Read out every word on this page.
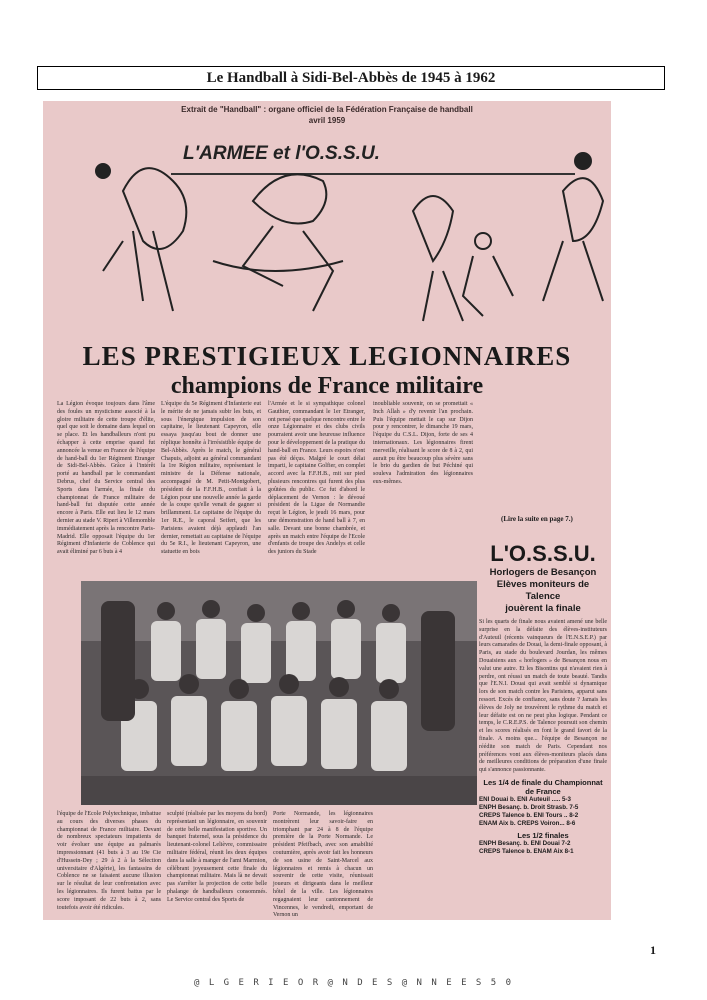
Le Handball à Sidi-Bel-Abbès de 1945 à 1962
Extrait de "Handball" : organe officiel de la Fédération Française de handball
avril 1959
L'ARMEE et l'O.S.S.U.
LES PRESTIGIEUX LEGIONNAIRES
champions de France militaire
La Légion évoque toujours dans l'âme des foules un mysticisme associé à la gloire militaire de cette troupe d'élite, quel que soit le domaine dans lequel on se place. Et les handballeurs n'ont pu échapper à cette emprise quand fut annoncée la venue en France de l'équipe de hand-ball du 1er Régiment Etranger de Sidi-Bel-Abbès. Grâce à l'intérêt porté au handball par le commandant Debrus, chef du Service central des Sports dans l'armée, la finale du championnat de France militaire de hand-ball fut disputée cette année encore à Paris. Elle eut lieu le 12 mars dernier au stade V. Ripert à Villemomble immédiatement après la rencontre Paris-Madrid. Elle opposait l'équipe du 1er Régiment d'Infanterie de Coblence qui avait éliminé par 6 buts à 4
L'équipe du 5e Régiment d'Infanterie eut le mérite de ne jamais subir les buts, et sous l'énergique impulsion de son capitaine, le lieutenant Capeyron, elle essaya jusqu'au bout de donner une réplique honnête à l'irrésistible équipe de Bel-Abbès. Après le match, le général Chapuis, adjoint au général commandant la 1re Région militaire, représentant le ministre de la Défense nationale, accompagné de M. Petit-Montgobert, président de la F.F.H.B., confiait à la Légion pour une nouvelle année la garde de la coupe qu'elle venait de gagner si brillamment. Le capitaine de l'équipe du 1er R.E., le caporal Seifert, que les Parisiens avaient déjà applaudi l'an dernier, remettait au capitaine de l'équipe du 5e R.I., le lieutenant Capeyron, une statuette en bois
l'Armée et le si sympathique colonel Gauthier, commandant le 1er Etranger, ont pensé que quelque rencontre entre le onze Légionnaire et des clubs civils pourraient avoir une heureuse influence pour le développement de la pratique du hand-ball en France. Leurs espoirs n'ont pas été déçus. Malgré le court délai imparti, le capitaine Golfier, en complet accord avec la F.F.H.B., mit sur pied plusieurs rencontres qui furent des plus goûtées du public. Ce fut d'abord le déplacement de Vernon : le dévoué président de la Ligue de Normandie reçut le Légion, le jeudi 16 mars, pour une démonstration de hand ball à 7, en salle. Devant une bonne chambrée, et après un match entre l'équipe de l'Ecole d'enfants de troupe des Andelys et celle des juniors du Stade
inoubliable souvenir, on se promettait « Inch Allah » d'y revenir l'an prochain. Puis l'équipe mettait le cap sur Dijon pour y rencontrer, le dimanche 19 mars, l'équipe du C.S.L. Dijon, forte de ses 4 internationaux. Les légionnaires firent merveille, réalisant le score de 8 à 2, qui aurait pu être beaucoup plus sévère sans le brio du gardien de but Péchiné qui souleva l'admiration des légionnaires eux-mêmes.
(Lire la suite en page 7.)
l'équipe de l'Ecole Polytechnique, imbattue au cours des diverses phases du championnat de France militaire. Devant de nombreux spectateurs impatients de voir évoluer une équipe au palmarès impressionnant (41 buts à 3 au 19e Cie d'Hussein-Dey ; 29 à 2 à la Sélection universitaire d'Algérie), les fantassins de Coblence ne se faisaient aucune illusion sur le résultat de leur confrontation avec les légionnaires. Ils furent battus par le score imposant de 22 buts à 2, sans toutefois avoir été ridicules.
sculpté (réalisée par les moyens du bord) représentant un légionnaire, en souvenir de cette belle manifestation sportive. Un banquet fraternel, sous la présidence du lieutenant-colonel Lelièvre, commissaire militaire fédéral, réunit les deux équipes dans la salle à manger de l'ami Marmion, célébrant joyeusement cette finale du championnat militaire. Mais là ne devait pas s'arrêter la projection de cette belle phalange de handballeurs consommés. Le Service central des Sports de
Porte Normande, les légionnaires montrèrent leur savoir-faire en triomphant par 24 à 8 de l'équipe première de la Porte Normande. Le président Pfeifbach, avec son amabilité coutumière, après avoir fait les honneurs de son usine de Saint-Marcel aux légionnaires et remis à chacun un souvenir de cette visite, réunissait joueurs et dirigeants dans le meilleur hôtel de la ville. Les légionnaires regagnaient leur cantonnement de Vincennes, le vendredi, emportant de Vernon un
L'O.S.S.U.
Horlogers de Besançon
Elèves moniteurs de Talence
jouèrent la finale
Si les quarts de finale nous avaient amené une belle surprise en la défaite des élèves-instituteurs d'Auteuil (récents vainqueurs de l'E.N.S.E.P.) par leurs camarades de Douai, la demi-finale opposant, à Paris, au stade du boulevard Jourdan, les mêmes Douaisiens aux « horlogers » de Besançon nous en valut une autre. Et les Bisontins qui n'avaient rien à perdre, ont réussi un match de toute beauté. Tandis que l'E.N.I. Douai qui avait semblé si dynamique lors de son match contre les Parisiens, apparut sans ressort. Excès de confiance, sans doute ? Jamais les élèves de Joly ne trouvèrent le rythme du match et leur défaite est on ne peut plus logique. Pendant ce temps, le C.R.E.P.S. de Talence poursuit son chemin et les scores réalisés en font le grand favori de la finale. A moins que... l'équipe de Besançon ne rééditе son match de Paris. Cependant nos préférences vont aux élèves-moniteurs placés dans de meilleures conditions de préparation d'une finale qui s'annonce passionnante.
Les 1/4 de finale du Championnat de France
ENI Douai b. ENI Auteuil ..... 5-3
ENPH Besanç. b. Droit Strasb. 7-5
CREPS Talence b. ENI Tours .. 8-2
ENAM Aix b. CREPS Voiron... 8-6
Les 1/2 finales
ENPH Besanç. b. ENI Douai 7-2
CREPS Talence b. ENAM Aix 8-1
1
@ L G E R I E O R @ N D E S @ N N E E S 5 0
